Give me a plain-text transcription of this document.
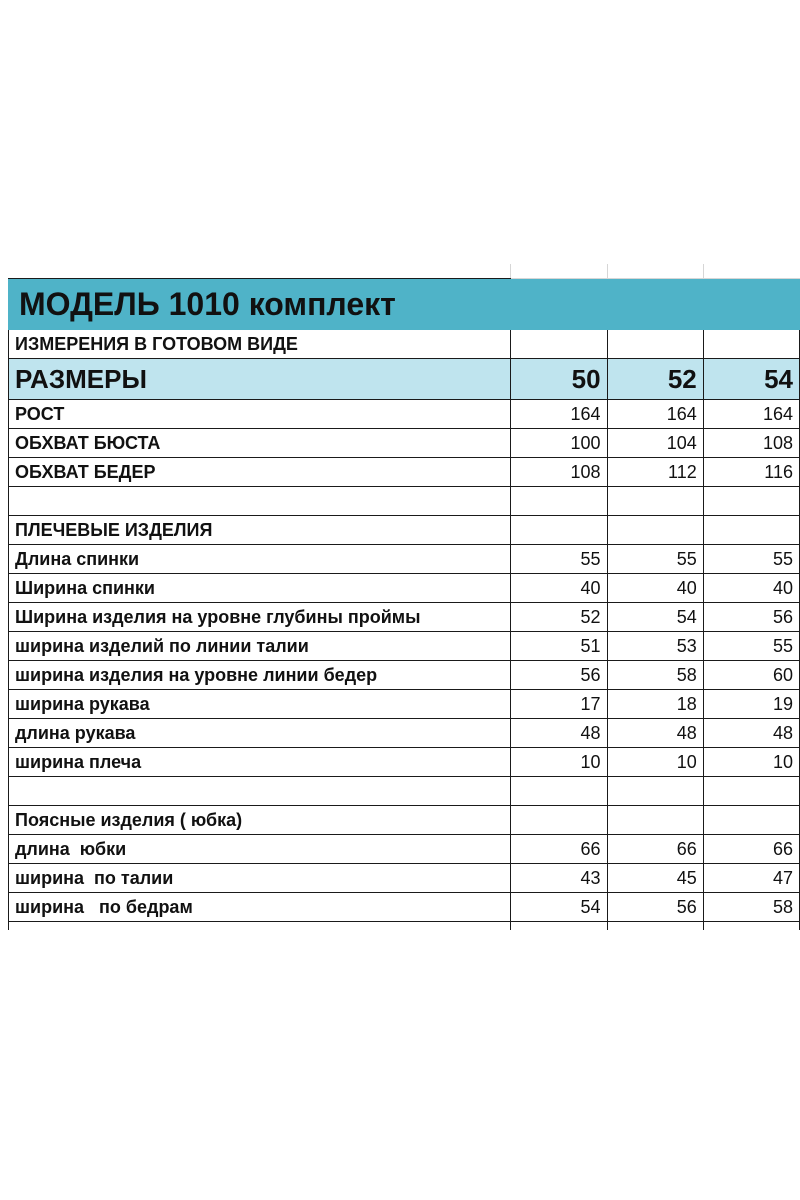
МОДЕЛЬ 1010 комплект			
ИЗМЕРЕНИЯ В ГОТОВОМ ВИДЕ			
РАЗМЕРЫ	50	52	54
РОСТ	164	164	164
ОБХВАТ БЮСТА	100	104	108
ОБХВАТ БЕДЕР	108	112	116

ПЛЕЧЕВЫЕ ИЗДЕЛИЯ			
Длина спинки	55	55	55
Ширина спинки	40	40	40
Ширина изделия на уровне глубины проймы	52	54	56
ширина изделий по линии талии	51	53	55
ширина изделия на уровне линии бедер	56	58	60
ширина рукава	17	18	19
длина рукава	48	48	48
ширина плеча	10	10	10

Поясные изделия ( юбка)			
длина  юбки	66	66	66
ширина  по талии	43	45	47
ширина   по бедрам	54	56	58
